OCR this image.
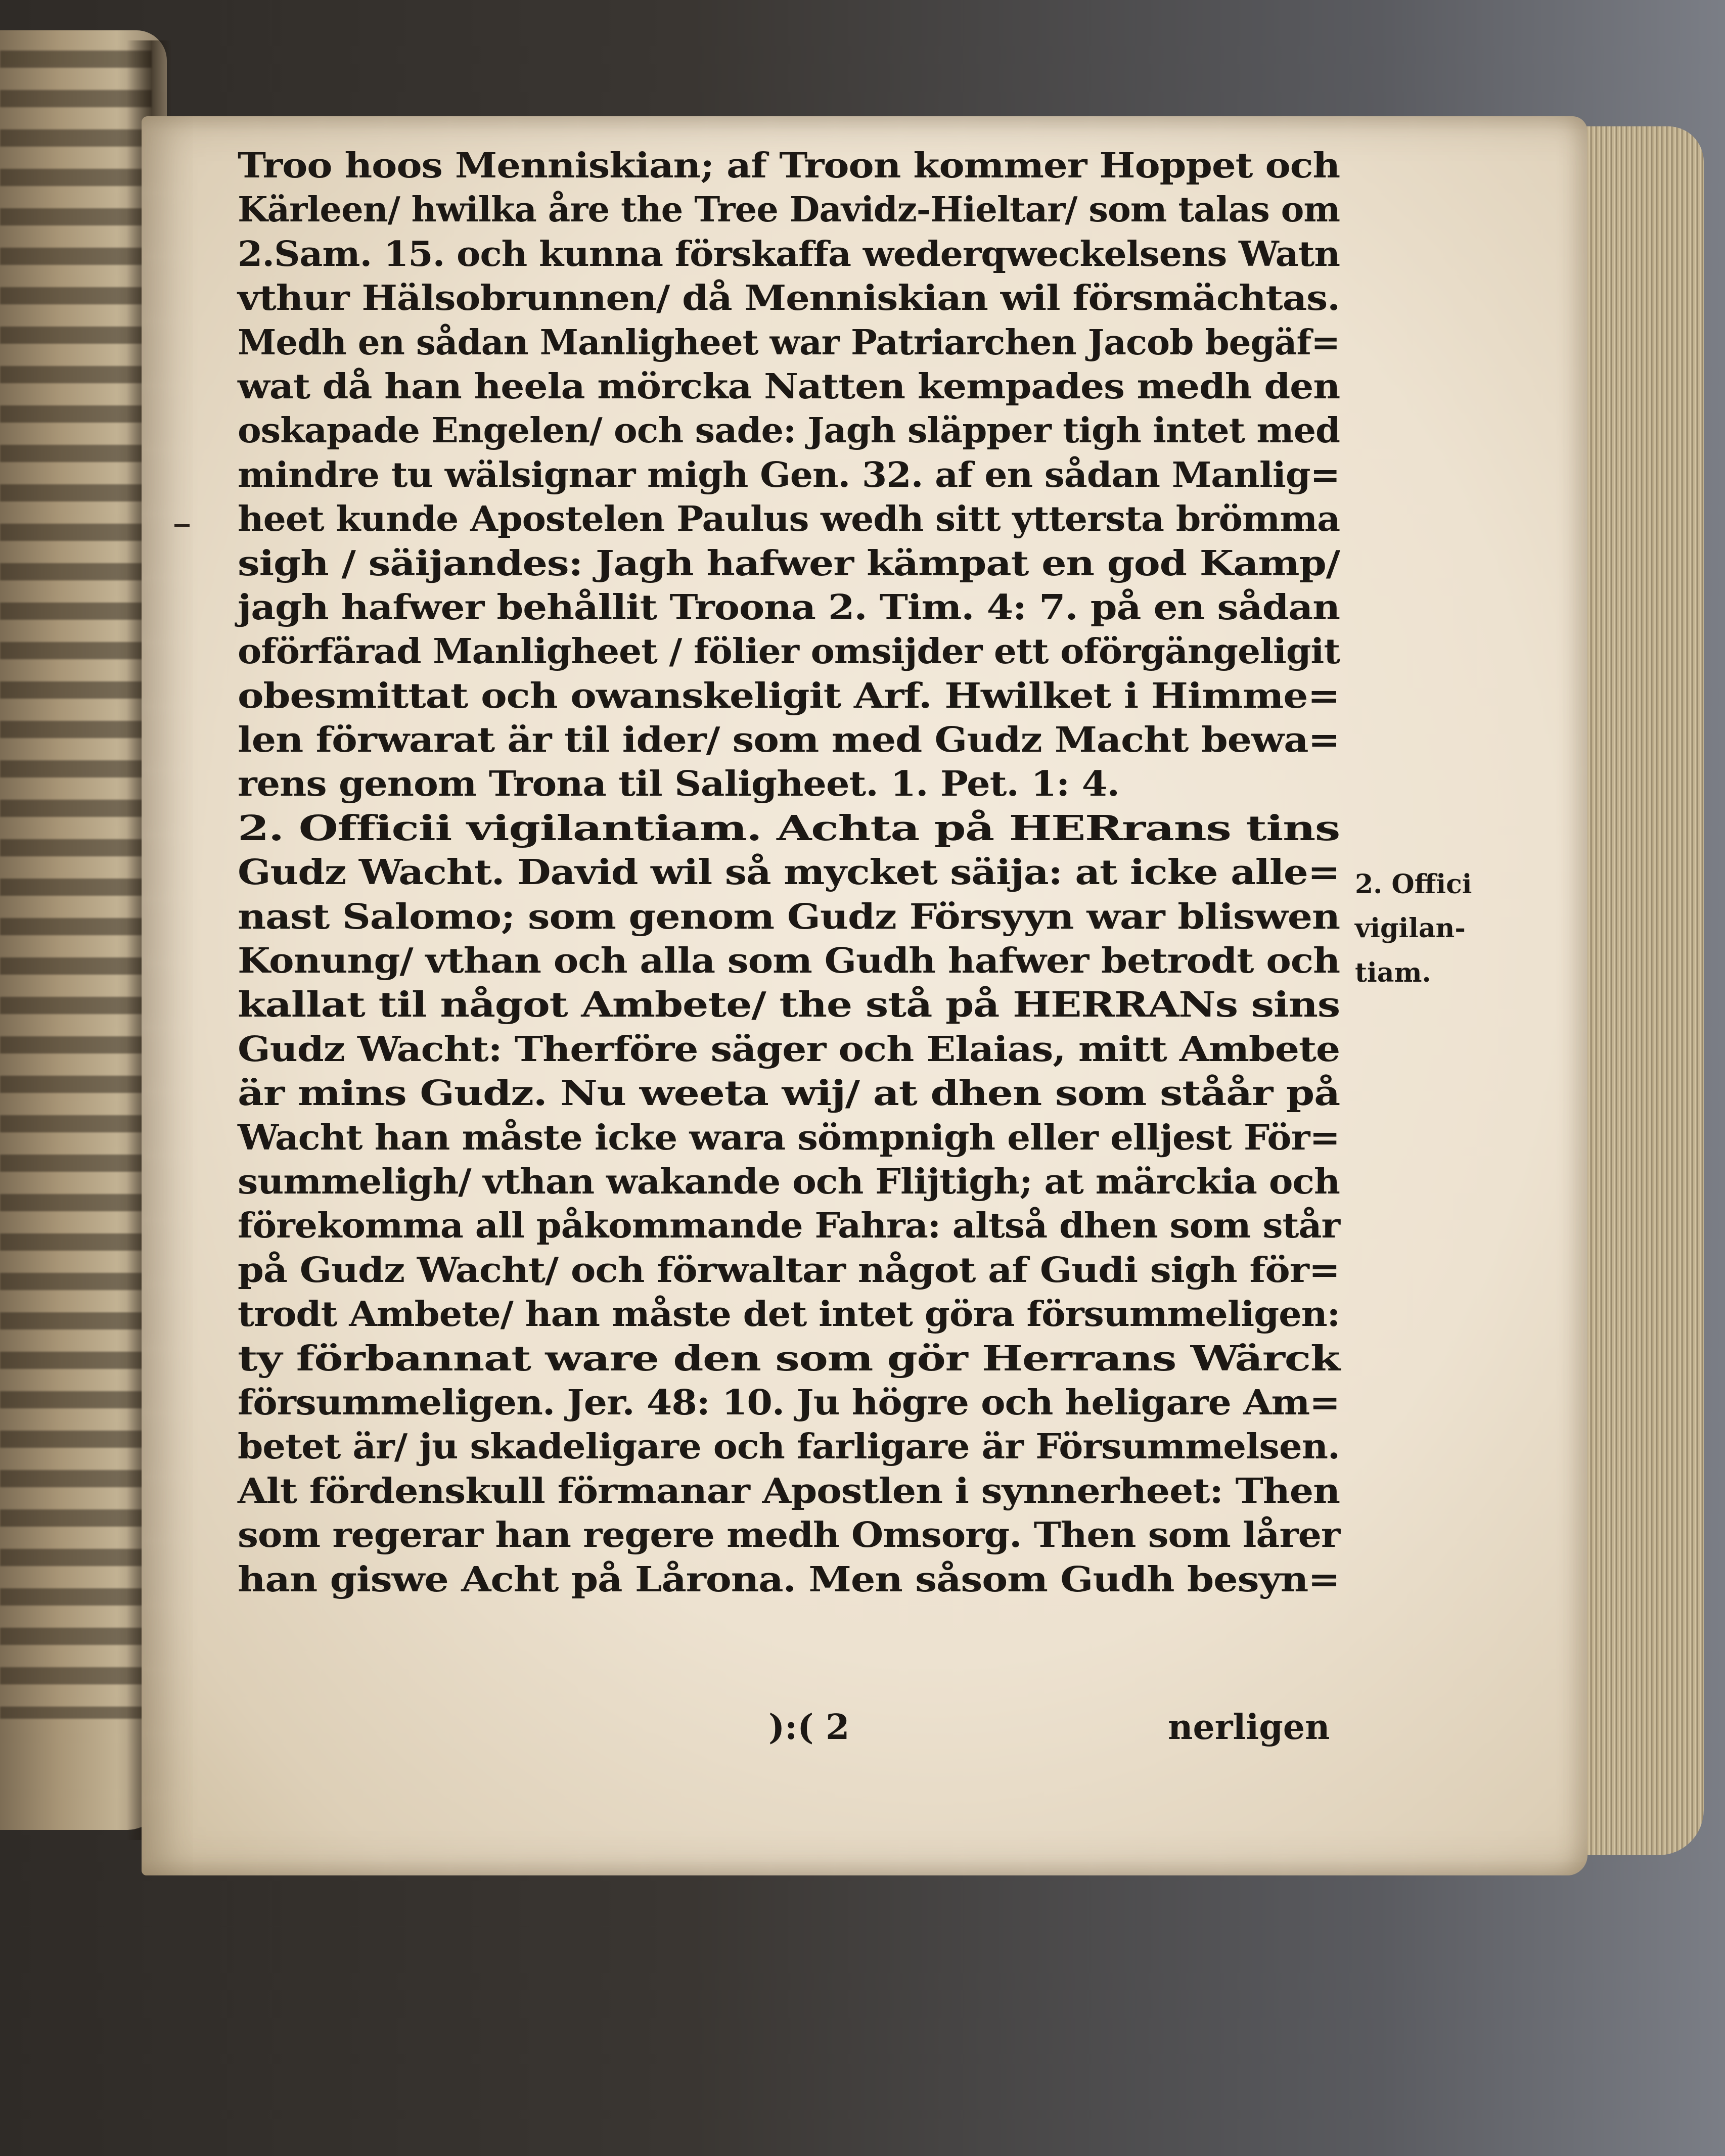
Troo hoos Menniskian; af Troon kommer Hoppet och
Kärleen/ hwilka åre the Tree Davidz-Hieltar/ som talas om
2.Sam. 15. och kunna förskaffa wederqweckelsens Watn
vthur Hälsobrunnen/ då Menniskian wil försmächtas.
Medh en sådan Manligheet war Patriarchen Jacob begäf=
wat då han heela mörcka Natten kempades medh den
oskapade Engelen/ och sade: Jagh släpper tigh intet med
mindre tu wälsignar migh Gen. 32. af en sådan Manlig=
heet kunde Apostelen Paulus wedh sitt yttersta brömma
sigh / säijandes: Jagh hafwer kämpat en god Kamp/
jagh hafwer behållit Troona 2. Tim. 4: 7. på en sådan
oförfärad Manligheet / fölier omsijder ett oförgängeligit
obesmittat och owanskeligit Arf. Hwilket i Himme=
len förwarat är til ider/ som med Gudz Macht bewa=
rens genom Trona til Saligheet. 1. Pet. 1: 4.
2. Officii vigilantiam. Achta på HERrans tins
Gudz Wacht. David wil så mycket säija: at icke alle=
nast Salomo; som genom Gudz Försyyn war bliswen
Konung/ vthan och alla som Gudh hafwer betrodt och
kallat til något Ambete/ the stå på HERRANs sins
Gudz Wacht: Therföre säger och Elaias, mitt Ambete
är mins Gudz. Nu weeta wij/ at dhen som ståår på
Wacht han måste icke wara sömpnigh eller elljest För=
summeligh/ vthan wakande och Flijtigh; at märckia och
förekomma all påkommande Fahra: altså dhen som står
på Gudz Wacht/ och förwaltar något af Gudi sigh för=
trodt Ambete/ han måste det intet göra försummeligen:
ty förbannat ware den som gör Herrans Wärck
försummeligen. Jer. 48: 10. Ju högre och heligare Am=
betet är/ ju skadeligare och farligare är Försummelsen.
Alt fördenskull förmanar Apostlen i synnerheet: Then
som regerar han regere medh Omsorg. Then som lårer
han giswe Acht på Lårona. Men såsom Gudh besyn=
2. Offici
vigilan-
tiam.
):( 2	nerligen
